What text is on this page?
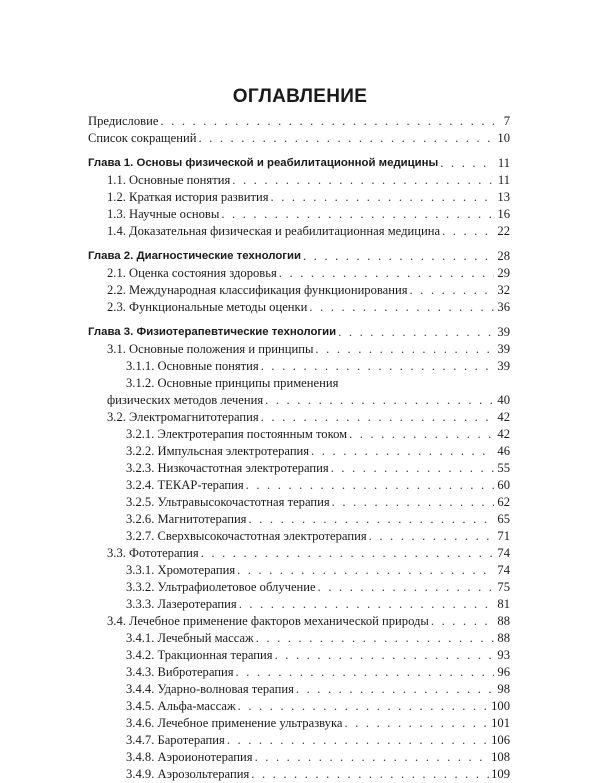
ОГЛАВЛЕНИЕ
Предисловие . . .	7
Список сокращений . . .	10
Глава 1. Основы физической и реабилитационной медицины . . .	11
1.1. Основные понятия . . .	11
1.2. Краткая история развития . . .	13
1.3. Научные основы . . .	16
1.4. Доказательная физическая и реабилитационная медицина . . .	22
Глава 2. Диагностические технологии . . .	28
2.1. Оценка состояния здоровья . . .	29
2.2. Международная классификация функционирования . . .	32
2.3. Функциональные методы оценки . . .	36
Глава 3. Физиотерапевтические технологии . . .	39
3.1. Основные положения и принципы . . .	39
3.1.1. Основные понятия . . .	39
3.1.2. Основные принципы применения
физических методов лечения . . .	40
3.2. Электромагнитотерапия . . .	42
3.2.1. Электротерапия постоянным током . . .	42
3.2.2. Импульсная электротерапия . . .	46
3.2.3. Низкочастотная электротерапия . . .	55
3.2.4. ТЕКАР-терапия . . .	60
3.2.5. Ультравысокочастотная терапия . . .	62
3.2.6. Магнитотерапия . . .	65
3.2.7. Сверхвысокочастотная электротерапия . . .	71
3.3. Фототерапия . . .	74
3.3.1. Хромотерапия . . .	74
3.3.2. Ультрафиолетовое облучение . . .	75
3.3.3. Лазеротерапия . . .	81
3.4. Лечебное применение факторов механической природы . . .	88
3.4.1. Лечебный массаж . . .	88
3.4.2. Тракционная терапия . . .	93
3.4.3. Вибротерапия . . .	96
3.4.4. Ударно-волновая терапия . . .	98
3.4.5. Альфа-массаж . . .	100
3.4.6. Лечебное применение ультразвука . . .	101
3.4.7. Баротерапия . . .	106
3.4.8. Аэроионотерапия . . .	108
3.4.9. Аэрозольтерапия . . .	109
